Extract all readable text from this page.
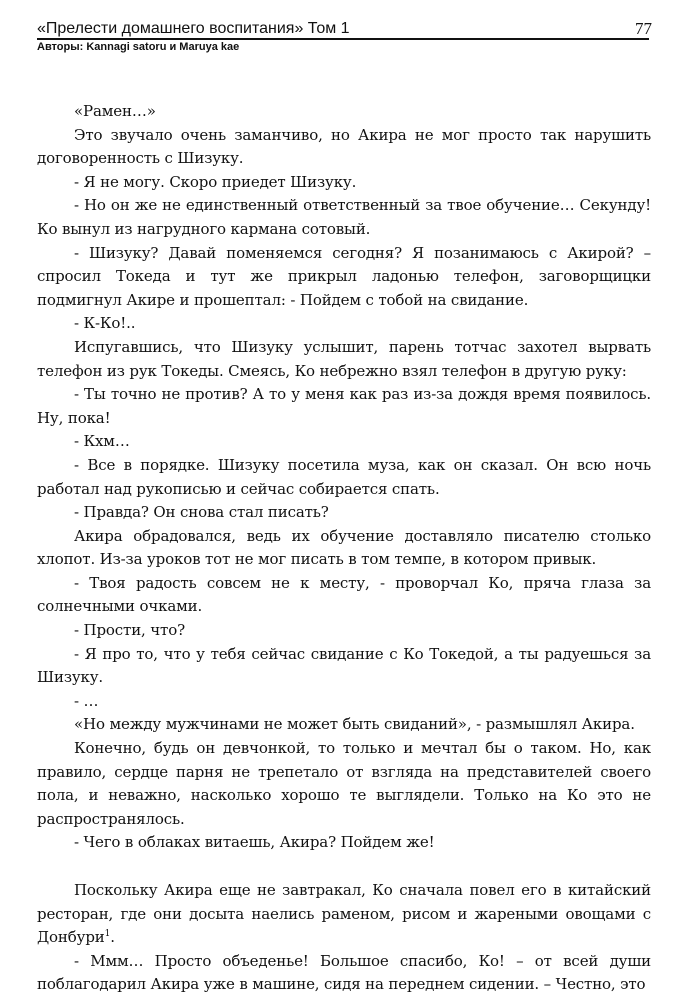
«Прелести домашнего воспитания» Том 1
Авторы: Kannagi satoru и Maruya kae
77

«Рамен…»

Это звучало очень заманчиво, но Акира не мог просто так нарушить договоренность с Шизуку.

- Я не могу. Скоро приедет Шизуку.

- Но он же не единственный ответственный за твое обучение… Секунду! Ко вынул из нагрудного кармана сотовый.

- Шизуку? Давай поменяемся сегодня? Я позанимаюсь с Акирой? – спросил Токеда и тут же прикрыл ладонью телефон, заговорщицки подмигнул Акире и прошептал: - Пойдем с тобой на свидание.

- К-Ко!..

Испугавшись, что Шизуку услышит, парень тотчас захотел вырвать телефон из рук Токеды. Смеясь, Ко небрежно взял телефон в другую руку:

- Ты точно не против? А то у меня как раз из-за дождя время появилось. Ну, пока!

- Кхм…

- Все в порядке. Шизуку посетила муза, как он сказал. Он всю ночь работал над рукописью и сейчас собирается спать.

- Правда? Он снова стал писать?

Акира обрадовался, ведь их обучение доставляло писателю столько хлопот. Из-за уроков тот не мог писать в том темпе, в котором привык.

- Твоя радость совсем не к месту, - проворчал Ко, пряча глаза за солнечными очками.

- Прости, что?

- Я про то, что у тебя сейчас свидание с Ко Токедой, а ты радуешься за Шизуку.

- …

«Но между мужчинами не может быть свиданий», - размышлял Акира.

Конечно, будь он девчонкой, то только и мечтал бы о таком. Но, как правило, сердце парня не трепетало от взгляда на представителей своего пола, и неважно, насколько хорошо те выглядели. Только на Ко это не распространялось.

- Чего в облаках витаешь, Акира? Пойдем же!

Поскольку Акира еще не завтракал, Ко сначала повел его в китайский ресторан, где они досыта наелись раменом, рисом и жареными овощами с Донбури$^1$.

- Ммм… Просто объеденье! Большое спасибо, Ко! – от всей души поблагодарил Акира уже в машине, сидя на переднем сидении. – Честно, это
